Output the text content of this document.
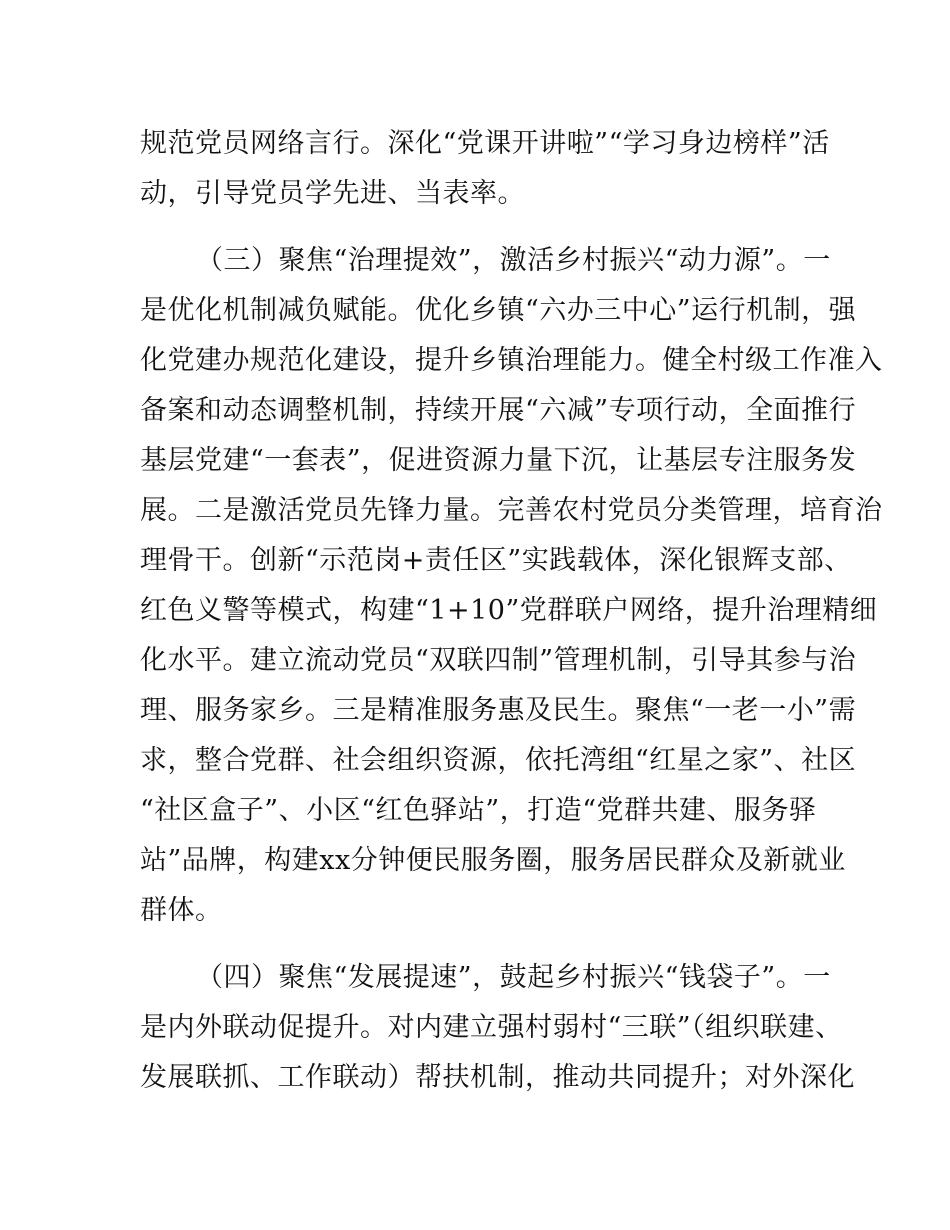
规范党员网络言行。深化“党课开讲啦”“学习身边榜样”活
动，引导党员学先进、当表率。
（三）聚焦“治理提效”，激活乡村振兴“动力源”。一
是优化机制减负赋能。优化乡镇“六办三中心”运行机制，强
化党建办规范化建设，提升乡镇治理能力。健全村级工作准入
备案和动态调整机制，持续开展“六减”专项行动，全面推行
基层党建“一套表”，促进资源力量下沉，让基层专注服务发
展。二是激活党员先锋力量。完善农村党员分类管理，培育治
理骨干。创新“示范岗+责任区”实践载体，深化银辉支部、
红色义警等模式，构建“1+10”党群联户网络，提升治理精细
化水平。建立流动党员“双联四制”管理机制，引导其参与治
理、服务家乡。三是精准服务惠及民生。聚焦“一老一小”需
求，整合党群、社会组织资源，依托湾组“红星之家”、社区
“社区盒子”、小区“红色驿站”，打造“党群共建、服务驿
站”品牌，构建xx分钟便民服务圈，服务居民群众及新就业
群体。
（四）聚焦“发展提速”，鼓起乡村振兴“钱袋子”。一
是内外联动促提升。对内建立强村弱村“三联”（组织联建、
发展联抓、工作联动）帮扶机制，推动共同提升；对外深化
